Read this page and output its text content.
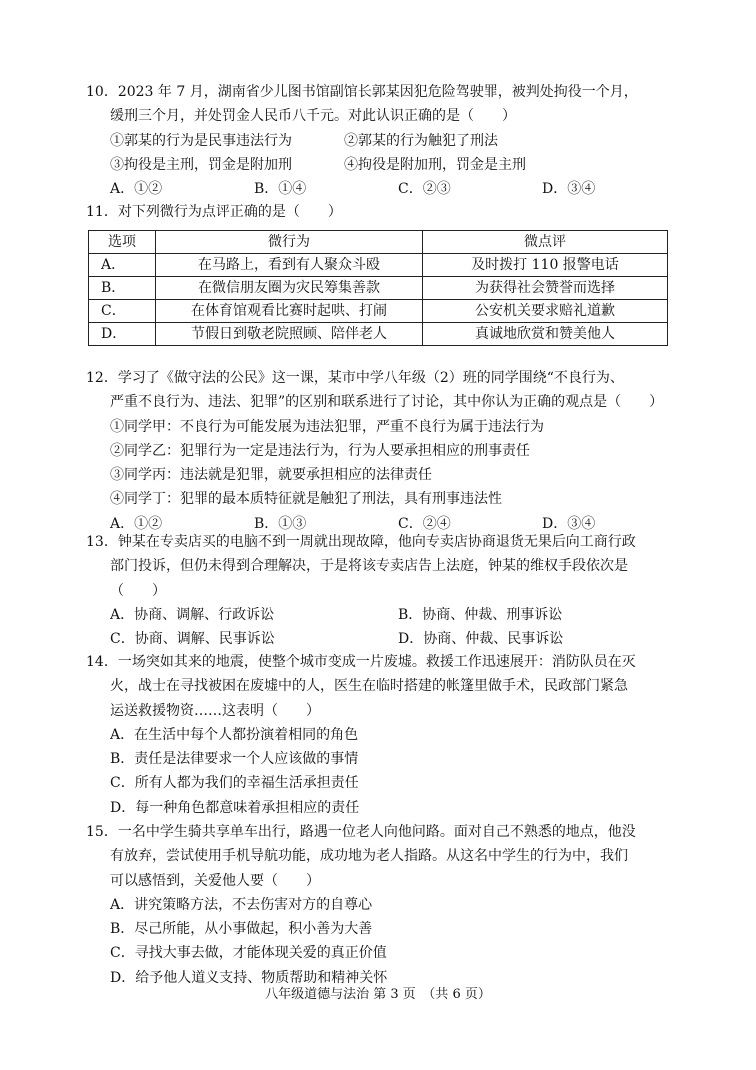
10．2023 年 7 月，湖南省少儿图书馆副馆长郭某因犯危险驾驶罪，被判处拘役一个月，
缓刑三个月，并处罚金人民币八千元。对此认识正确的是（　　）
①郭某的行为是民事违法行为	②郭某的行为触犯了刑法
③拘役是主刑，罚金是附加刑	④拘役是附加刑，罚金是主刑
A．①②	B．①④	C．②③	D．③④
11．对下列微行为点评正确的是（　　）
选项	微行为	微点评
A．	在马路上，看到有人聚众斗殴	及时拨打 110 报警电话
B．	在微信朋友圈为灾民筹集善款	为获得社会赞誉而选择
C．	在体育馆观看比赛时起哄、打闹	公安机关要求赔礼道歉
D．	节假日到敬老院照顾、陪伴老人	真诚地欣赏和赞美他人
12．学习了《做守法的公民》这一课，某市中学八年级（2）班的同学围绕“不良行为、
严重不良行为、违法、犯罪”的区别和联系进行了讨论，其中你认为正确的观点是（　　）
①同学甲：不良行为可能发展为违法犯罪，严重不良行为属于违法行为
②同学乙：犯罪行为一定是违法行为，行为人要承担相应的刑事责任
③同学丙：违法就是犯罪，就要承担相应的法律责任
④同学丁：犯罪的最本质特征就是触犯了刑法，具有刑事违法性
A．①②	B．①③	C．②④	D．③④
13．钟某在专卖店买的电脑不到一周就出现故障，他向专卖店协商退货无果后向工商行政
部门投诉，但仍未得到合理解决，于是将该专卖店告上法庭，钟某的维权手段依次是
（　　）
A．协商、调解、行政诉讼	B．协商、仲裁、刑事诉讼
C．协商、调解、民事诉讼	D．协商、仲裁、民事诉讼
14．一场突如其来的地震，使整个城市变成一片废墟。救援工作迅速展开：消防队员在灭
火，战士在寻找被困在废墟中的人，医生在临时搭建的帐篷里做手术，民政部门紧急
运送救援物资……这表明（　　）
A．在生活中每个人都扮演着相同的角色
B．责任是法律要求一个人应该做的事情
C．所有人都为我们的幸福生活承担责任
D．每一种角色都意味着承担相应的责任
15．一名中学生骑共享单车出行，路遇一位老人向他问路。面对自己不熟悉的地点，他没
有放弃，尝试使用手机导航功能，成功地为老人指路。从这名中学生的行为中，我们
可以感悟到，关爱他人要（　　）
A．讲究策略方法，不去伤害对方的自尊心
B．尽己所能，从小事做起，积小善为大善
C．寻找大事去做，才能体现关爱的真正价值
D．给予他人道义支持、物质帮助和精神关怀
八年级道德与法治 第 3 页　（共 6 页）
